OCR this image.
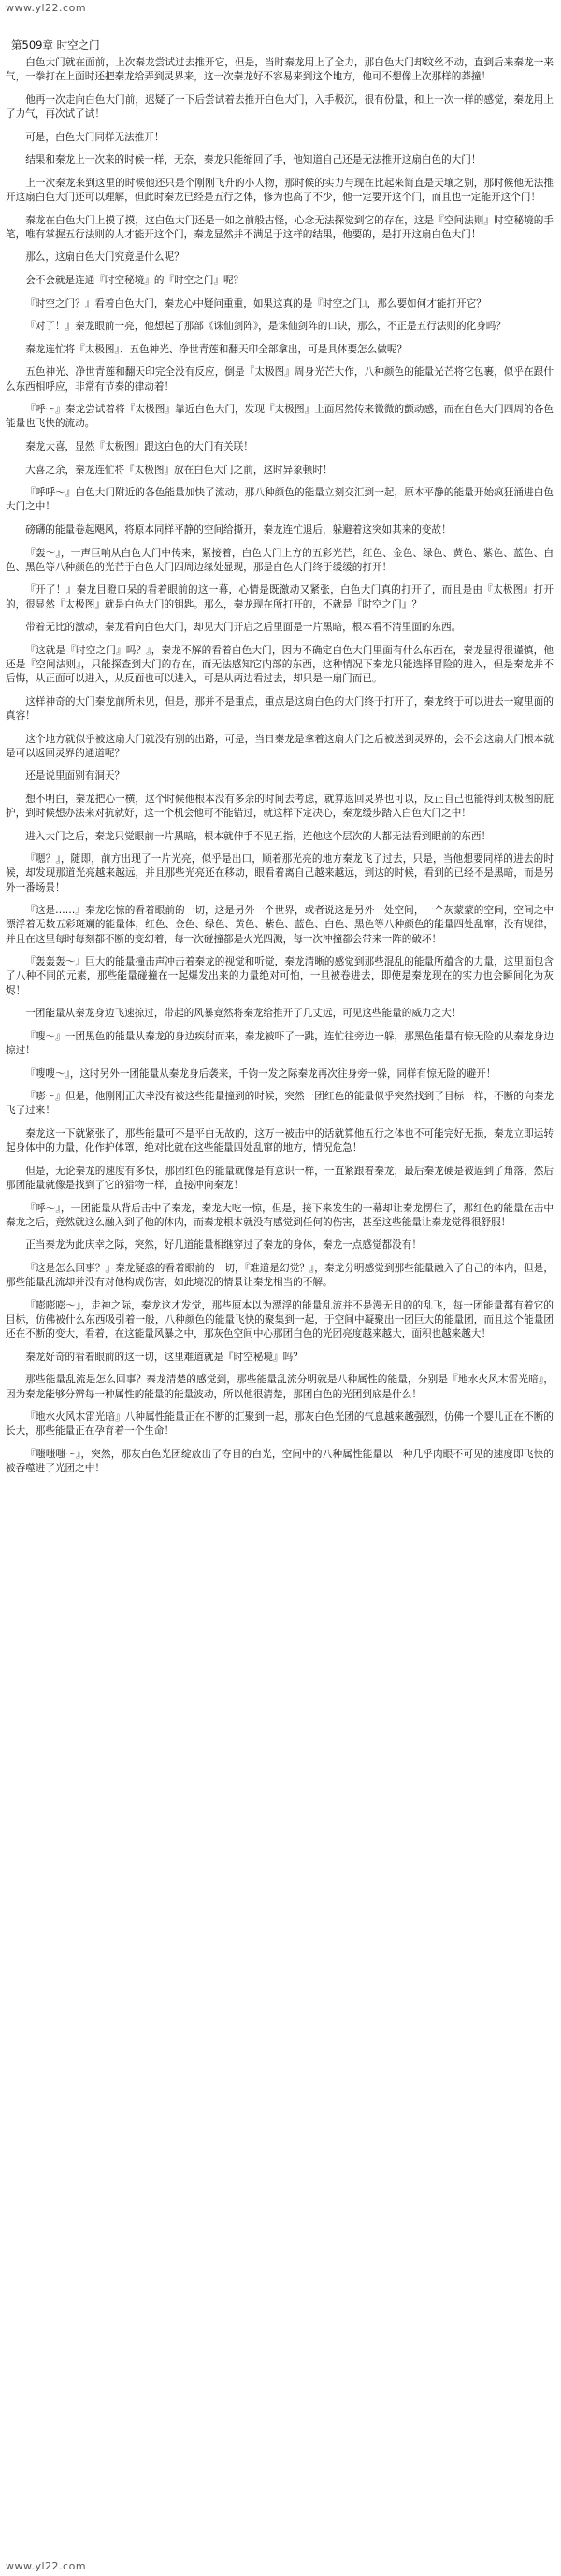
www.yl22.com
第509章 时空之门

白色大门就在面前，上次秦龙尝试过去推开它，但是，当时秦龙用上了全力，那白色大门却纹丝不动，直到后来秦龙一来气，一拳打在上面时还把秦龙给弄到灵界来，这一次秦龙好不容易来到这个地方，他可不想像上次那样的莽撞！

他再一次走向白色大门前，迟疑了一下后尝试着去推开白色大门，入手极沉，很有份量，和上一次一样的感觉，秦龙用上了力气，再次试了试！

可是，白色大门同样无法推开！

结果和秦龙上一次来的时候一样，无奈，秦龙只能缩回了手，他知道自己还是无法推开这扇白色的大门！

上一次秦龙来到这里的时候他还只是个刚刚飞升的小人物，那时候的实力与现在比起来简直是天壤之别，那时候他无法推开这扇白色大门还可以理解，但此时秦龙已经是五行之体，修为也高了不少，他一定要开这个门，而且也一定能开这个门！

秦龙在白色大门上摸了摸，这白色大门还是一如之前般古怪，心念无法探觉到它的存在，这是『空间法则』时空秘境的手笔，唯有掌握五行法则的人才能开这个门，秦龙显然并不满足于这样的结果，他要的，是打开这扇白色大门！

那么，这扇白色大门究竟是什么呢？

会不会就是连通『时空秘境』的『时空之门』呢？

『时空之门？』看着白色大门，秦龙心中疑问重重，如果这真的是『时空之门』，那么要如何才能打开它？

『对了！』秦龙眼前一亮，他想起了那部《诛仙剑阵》，是诛仙剑阵的口诀，那么，不正是五行法则的化身吗？

秦龙连忙将『太极图』、五色神光、净世青莲和翻天印全部拿出，可是具体要怎么做呢？

五色神光、净世青莲和翻天印完全没有反应，倒是『太极图』周身光芒大作，八种颜色的能量光芒将它包裹，似乎在跟什么东西相呼应，非常有节奏的律动着！

『呼～』秦龙尝试着将『太极图』靠近白色大门，发现『太极图』上面居然传来微微的颤动感，而在白色大门四周的各色能量也飞快的流动。

秦龙大喜，显然『太极图』跟这白色的大门有关联！

大喜之余，秦龙连忙将『太极图』放在白色大门之前，这时异象顿时！

『呼呼～』白色大门附近的各色能量加快了流动，那八种颜色的能量立刻交汇到一起，原本平静的能量开始疯狂涌进白色大门之中！

磅礴的能量卷起飓风，将原本同样平静的空间给撕开，秦龙连忙退后，躲避着这突如其来的变故！

『轰～』，一声巨响从白色大门中传来，紧接着，白色大门上方的五彩光芒，红色、金色、绿色、黄色、紫色、蓝色、白色、黑色等八种颜色的光芒于白色大门四周边缘处显现，那是白色大门终于缓缓的打开！

『开了！』秦龙目瞪口呆的看着眼前的这一幕，心情是既激动又紧张，白色大门真的打开了，而且是由『太极图』打开的，很显然『太极图』就是白色大门的钥匙。那么，秦龙现在所打开的，不就是『时空之门』？

带着无比的激动，秦龙看向白色大门，却见大门开启之后里面是一片黑暗，根本看不清里面的东西。

『这就是『时空之门』吗？』，秦龙不解的看着白色大门，因为不确定白色大门里面有什么东西在，秦龙显得很谨慎，他还是『空间法则』，只能探查到大门的存在，而无法感知它内部的东西，这种情况下秦龙只能选择冒险的进入，但是秦龙并不后悔，从正面可以进入，从反面也可以进入，可是从两边看过去，却只是一扇门而已。

这样神奇的大门秦龙前所未见，但是，那并不是重点，重点是这扇白色的大门终于打开了，秦龙终于可以进去一窥里面的真容！

这个地方就似乎被这扇大门就没有别的出路，可是，当日秦龙是拿着这扇大门之后被送到灵界的，会不会这扇大门根本就是可以返回灵界的通道呢？

还是说里面别有洞天？

想不明白，秦龙把心一横，这个时候他根本没有多余的时间去考虑，就算返回灵界也可以，反正自己也能得到太极图的庇护，到时候想办法来对抗就好，这一个机会他可不能错过，就这样下定决心，秦龙缓步踏入白色大门之中！

进入大门之后，秦龙只觉眼前一片黑暗，根本就伸手不见五指，连他这个层次的人都无法看到眼前的东西！

『嗯？』，随即，前方出现了一片光亮，似乎是出口，顺着那光亮的地方秦龙飞了过去，只是，当他想要同样的进去的时候，却发现那道光亮越来越远，并且那些光亮还在移动，眼看着离自己越来越远，到达的时候，看到的已经不是黑暗，而是另外一番场景！

『这是……』秦龙吃惊的看着眼前的一切，这是另外一个世界，或者说这是另外一处空间，一个灰蒙蒙的空间，空间之中漂浮着无数五彩斑斓的能量体，红色、金色、绿色、黄色、紫色、蓝色、白色、黑色等八种颜色的能量四处乱窜，没有规律，并且在这里每时每刻都不断的变幻着，每一次碰撞都是火光四溅，每一次冲撞都会带来一阵的破坏！

『轰轰轰～』巨大的能量撞击声冲击着秦龙的视觉和听觉，秦龙清晰的感觉到那些混乱的能量所蕴含的力量，这里面包含了八种不同的元素，那些能量碰撞在一起爆发出来的力量绝对可怕，一旦被卷进去，即使是秦龙现在的实力也会瞬间化为灰烬！

一团能量从秦龙身边飞速掠过，带起的风暴竟然将秦龙给推开了几丈远，可见这些能量的威力之大！

『嗖～』一团黑色的能量从秦龙的身边疾射而来，秦龙被吓了一跳，连忙往旁边一躲，那黑色能量有惊无险的从秦龙身边掠过！

『嗖嗖～』，这时另外一团能量从秦龙身后袭来，千钧一发之际秦龙再次往身旁一躲，同样有惊无险的避开！

『嘭～』但是，他刚刚正庆幸没有被这些能量撞到的时候，突然一团红色的能量似乎突然找到了目标一样，不断的向秦龙飞了过来！

秦龙这一下就紧张了，那些能量可不是平白无故的，这万一被击中的话就算他五行之体也不可能完好无损，秦龙立即运转起身体中的力量，化作护体罩，绝对比就在这些能量四处乱窜的地方，情况危急！

但是，无论秦龙的速度有多快，那团红色的能量就像是有意识一样，一直紧跟着秦龙，最后秦龙硬是被逼到了角落，然后那团能量就像是找到了它的猎物一样，直接冲向秦龙！

『呼～』，一团能量从背后击中了秦龙，秦龙大吃一惊，但是，接下来发生的一幕却让秦龙愣住了，那红色的能量在击中秦龙之后，竟然就这么融入到了他的体内，而秦龙根本就没有感觉到任何的伤害，甚至这些能量让秦龙觉得很舒服！

正当秦龙为此庆幸之际，突然，好几道能量相继穿过了秦龙的身体，秦龙一点感觉都没有！

『这是怎么回事？』秦龙疑惑的看着眼前的一切，『难道是幻觉？』，秦龙分明感觉到那些能量融入了自己的体内，但是，那些能量乱流却并没有对他构成伤害，如此境况的情景让秦龙相当的不解。

『嘭嘭嘭～』，走神之际，秦龙这才发觉，那些原本以为漂浮的能量乱流并不是漫无目的的乱飞，每一团能量都有着它的目标，仿佛被什么东西吸引着一般，八种颜色的能量飞快的聚集到一起，于空间中凝聚出一团巨大的能量团，而且这个能量团还在不断的变大，看着，在这能量风暴之中，那灰色空间中心那团白色的光团亮度越来越大，面积也越来越大！

秦龙好奇的看着眼前的这一切，这里难道就是『时空秘境』吗？

那些能量乱流是怎么回事？秦龙清楚的感觉到，那些能量乱流分明就是八种属性的能量，分别是『地水火风木雷光暗』，因为秦龙能够分辨每一种属性的能量的能量波动，所以他很清楚，那团白色的光团到底是什么！

『地水火风木雷光暗』八种属性能量正在不断的汇聚到一起，那灰白色光团的气息越来越强烈，仿佛一个婴儿正在不断的长大，那些能量正在孕育着一个生命！

『嗤嗤嗤～』，突然，那灰白色光团绽放出了夺目的白光，空间中的八种属性能量以一种几乎肉眼不可见的速度即飞快的被吞噬进了光团之中！

www.yl22.com
